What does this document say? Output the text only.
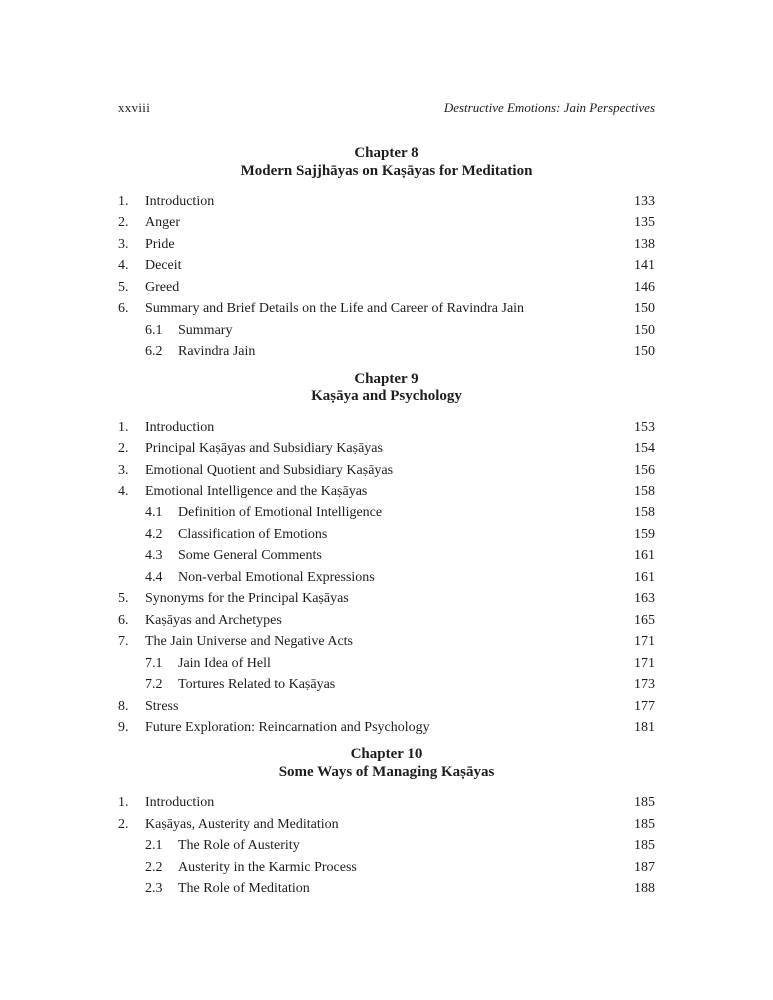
xxviii	Destructive Emotions: Jain Perspectives
Chapter 8
Modern Sajjhāyas on Kaṣāyas for Meditation
1.	Introduction	133
2.	Anger	135
3.	Pride	138
4.	Deceit	141
5.	Greed	146
6.	Summary and Brief Details on the Life and Career of Ravindra Jain	150
6.1	Summary	150
6.2	Ravindra Jain	150
Chapter 9
Kaṣāya and Psychology
1.	Introduction	153
2.	Principal Kaṣāyas and Subsidiary Kaṣāyas	154
3.	Emotional Quotient and Subsidiary Kaṣāyas	156
4.	Emotional Intelligence and the Kaṣāyas	158
4.1	Definition of Emotional Intelligence	158
4.2	Classification of Emotions	159
4.3	Some General Comments	161
4.4	Non-verbal Emotional Expressions	161
5.	Synonyms for the Principal Kaṣāyas	163
6.	Kaṣāyas and Archetypes	165
7.	The Jain Universe and Negative Acts	171
7.1	Jain Idea of Hell	171
7.2	Tortures Related to Kaṣāyas	173
8.	Stress	177
9.	Future Exploration: Reincarnation and Psychology	181
Chapter 10
Some Ways of Managing Kaṣāyas
1.	Introduction	185
2.	Kaṣāyas, Austerity and Meditation	185
2.1	The Role of Austerity	185
2.2	Austerity in the Karmic Process	187
2.3	The Role of Meditation	188
